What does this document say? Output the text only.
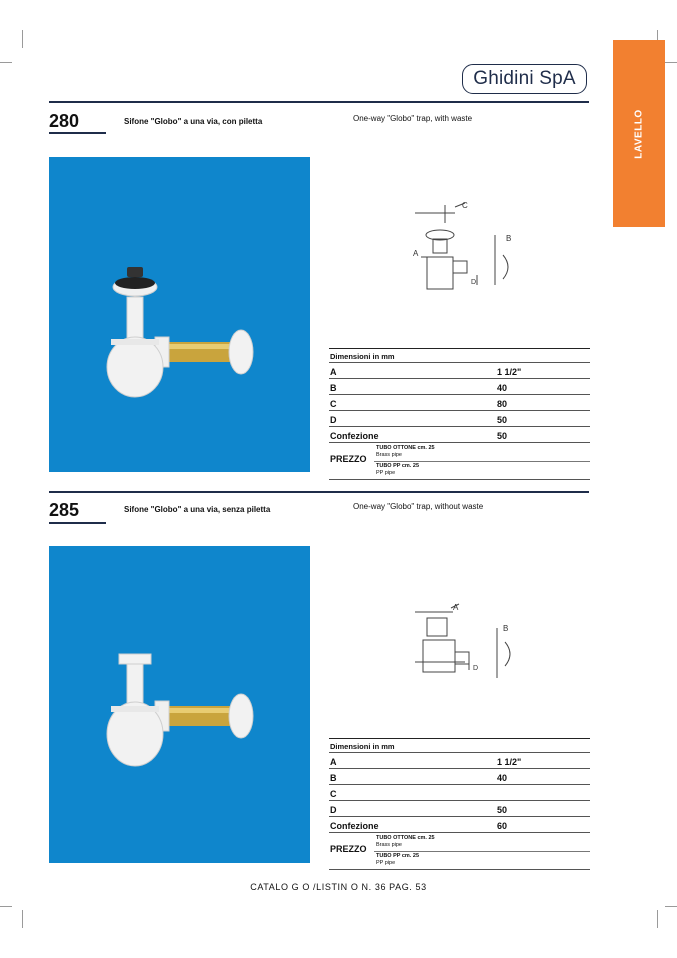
Ghidini SpA
LAVELLO
280	Sifone "Globo" a una via, con piletta	One-way "Globo" trap, with waste
C
B
A
D
Dimensioni in mm
A	1 1/2"
B	40
C	80
D	50
Confezione	50
PREZZO
TUBO OTTONE cm. 25
Brass pipe
TUBO PP cm. 25
PP pipe
285	Sifone "Globo" a una via, senza piletta	One-way "Globo" trap, without waste
A
B
D
Dimensioni in mm
A	1 1/2"
B	40
C
D	50
Confezione	60
PREZZO
TUBO OTTONE cm. 25
Brass pipe
TUBO PP cm. 25
PP pipe
CATALO G O /LISTIN O N. 36 PAG. 53
